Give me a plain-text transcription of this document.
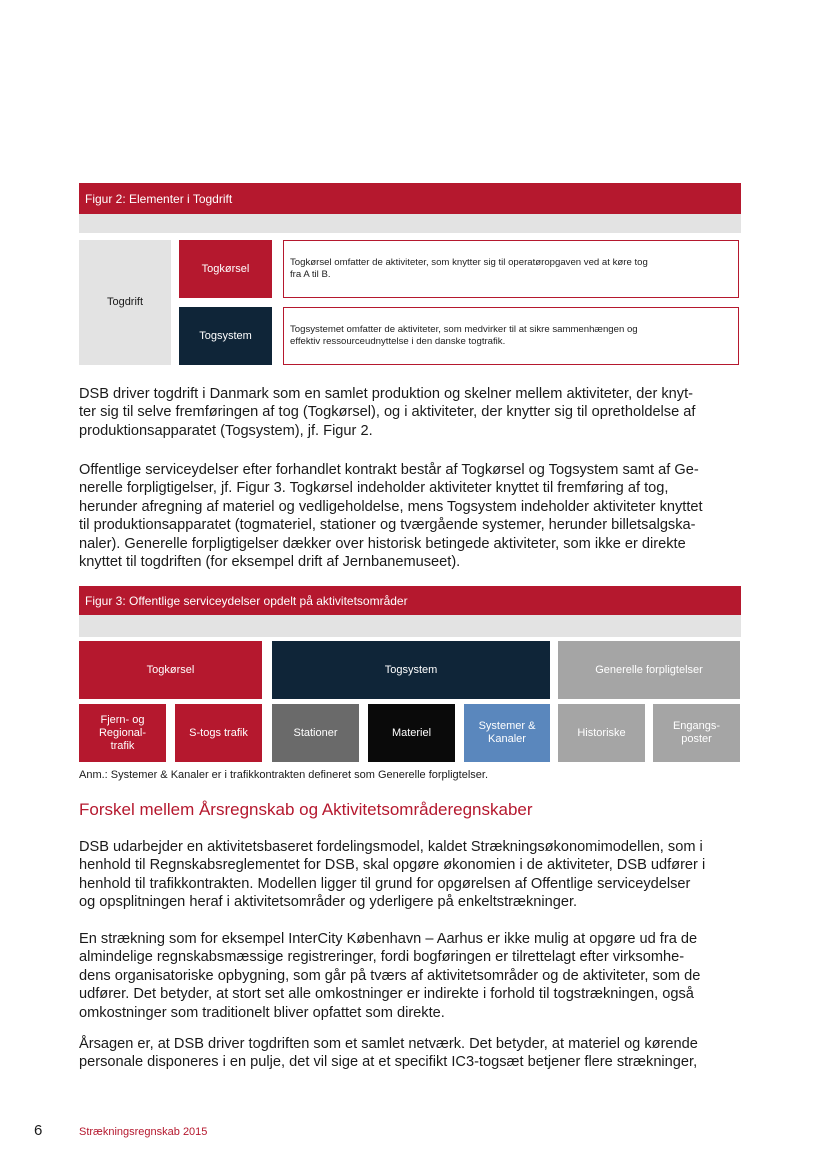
Figur 2: Elementer i Togdrift
Togdrift
Togkørsel	Togkørsel omfatter de aktiviteter, som knytter sig til operatøropgaven ved at køre tog
fra A til B.
Togsystem	Togsystemet omfatter de aktiviteter, som medvirker til at sikre sammenhængen og
effektiv ressourceudnyttelse i den danske togtrafik.
DSB driver togdrift i Danmark som en samlet produktion og skelner mellem aktiviteter, der knyt-
ter sig til selve fremføringen af tog (Togkørsel), og i aktiviteter, der knytter sig til opretholdelse af
produktionsapparatet (Togsystem), jf. Figur 2.
Offentlige serviceydelser efter forhandlet kontrakt består af Togkørsel og Togsystem samt af Ge-
nerelle forpligtigelser, jf. Figur 3. Togkørsel indeholder aktiviteter knyttet til fremføring af tog,
herunder afregning af materiel og vedligeholdelse, mens Togsystem indeholder aktiviteter knyttet
til produktionsapparatet (togmateriel, stationer og tværgående systemer, herunder billetsalgska-
naler). Generelle forpligtigelser dækker over historisk betingede aktiviteter, som ikke er direkte
knyttet til togdriften (for eksempel drift af Jernbanemuseet).
Figur 3: Offentlige serviceydelser opdelt på aktivitetsområder
Togkørsel	Togsystem	Generelle forpligtelser
Fjern- og
Regional-
trafik
S-togs trafik	Stationer	Materiel
Systemer &
Kanaler
Historiske
Engangs-
poster
Anm.: Systemer & Kanaler er i trafikkontrakten defineret som Generelle forpligtelser.
Forskel mellem Årsregnskab og Aktivitetsområderegnskaber
DSB udarbejder en aktivitetsbaseret fordelingsmodel, kaldet Strækningsøkonomimodellen, som i
henhold til Regnskabsreglementet for DSB, skal opgøre økonomien i de aktiviteter, DSB udfører i
henhold til trafikkontrakten. Modellen ligger til grund for opgørelsen af Offentlige serviceydelser
og opsplitningen heraf i aktivitetsområder og yderligere på enkeltstrækninger.
En strækning som for eksempel InterCity København – Aarhus er ikke mulig at opgøre ud fra de
almindelige regnskabsmæssige registreringer, fordi bogføringen er tilrettelagt efter virksomhe-
dens organisatoriske opbygning, som går på tværs af aktivitetsområder og de aktiviteter, som de
udfører. Det betyder, at stort set alle omkostninger er indirekte i forhold til togstrækningen, også
omkostninger som traditionelt bliver opfattet som direkte.
Årsagen er, at DSB driver togdriften som et samlet netværk. Det betyder, at materiel og kørende
personale disponeres i en pulje, det vil sige at et specifikt IC3-togsæt betjener flere strækninger,
6	Strækningsregnskab 2015
